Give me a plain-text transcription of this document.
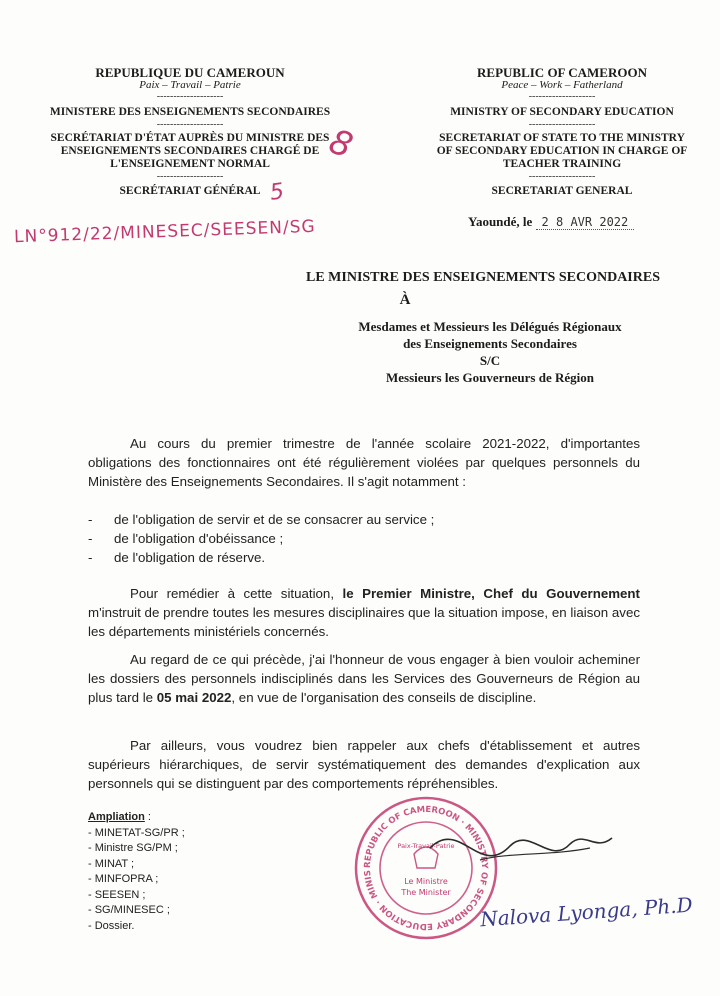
REPUBLIQUE DU CAMEROUN
Paix – Travail – Patrie
--------------------
MINISTERE DES ENSEIGNEMENTS SECONDAIRES
--------------------
SECRÉTARIAT D'ÉTAT AUPRÈS DU MINISTRE DES
ENSEIGNEMENTS SECONDAIRES CHARGÉ DE
L'ENSEIGNEMENT NORMAL
--------------------
SECRÉTARIAT GÉNÉRAL
REPUBLIC OF CAMEROON
Peace – Work – Fatherland
--------------------
MINISTRY OF SECONDARY EDUCATION
--------------------
SECRETARIAT OF STATE TO THE MINISTRY
OF SECONDARY EDUCATION IN CHARGE OF
TEACHER TRAINING
--------------------
SECRETARIAT GENERAL
8
5
Yaoundé, le 2 8 AVR 2022
LN°912/22/MINESEC/SEESEN/SG
LE MINISTRE DES ENSEIGNEMENTS SECONDAIRES
À
Mesdames et Messieurs les Délégués Régionaux
des Enseignements Secondaires
S/C
Messieurs les Gouverneurs de Région
Au cours du premier trimestre de l'année scolaire 2021-2022, d'importantes obligations des fonctionnaires ont été régulièrement violées par quelques personnels du Ministère des Enseignements Secondaires. Il s'agit notamment :
- de l'obligation de servir et de se consacrer au service ;
- de l'obligation d'obéissance ;
- de l'obligation de réserve.
Pour remédier à cette situation, le Premier Ministre, Chef du Gouvernement m'instruit de prendre toutes les mesures disciplinaires que la situation impose, en liaison avec les départements ministériels concernés.
Au regard de ce qui précède, j'ai l'honneur de vous engager à bien vouloir acheminer les dossiers des personnels indisciplinés dans les Services des Gouverneurs de Région au plus tard le 05 mai 2022, en vue de l'organisation des conseils de discipline.
Par ailleurs, vous voudrez bien rappeler aux chefs d'établissement et autres supérieurs hiérarchiques, de servir systématiquement des demandes d'explication aux personnels qui se distinguent par des comportements répréhensibles.
Ampliation :
- MINETAT-SG/PR ;
- Ministre SG/PM ;
- MINAT ;
- MINFOPRA ;
- SEESEN ;
- SG/MINESEC ;
- Dossier.
REPUBLIC OF CAMEROON · MINISTRY OF SECONDARY EDUCATION · MINIS
Paix-Travail-Patrie
Le Ministre
The Minister
Nalova Lyonga, Ph.D
